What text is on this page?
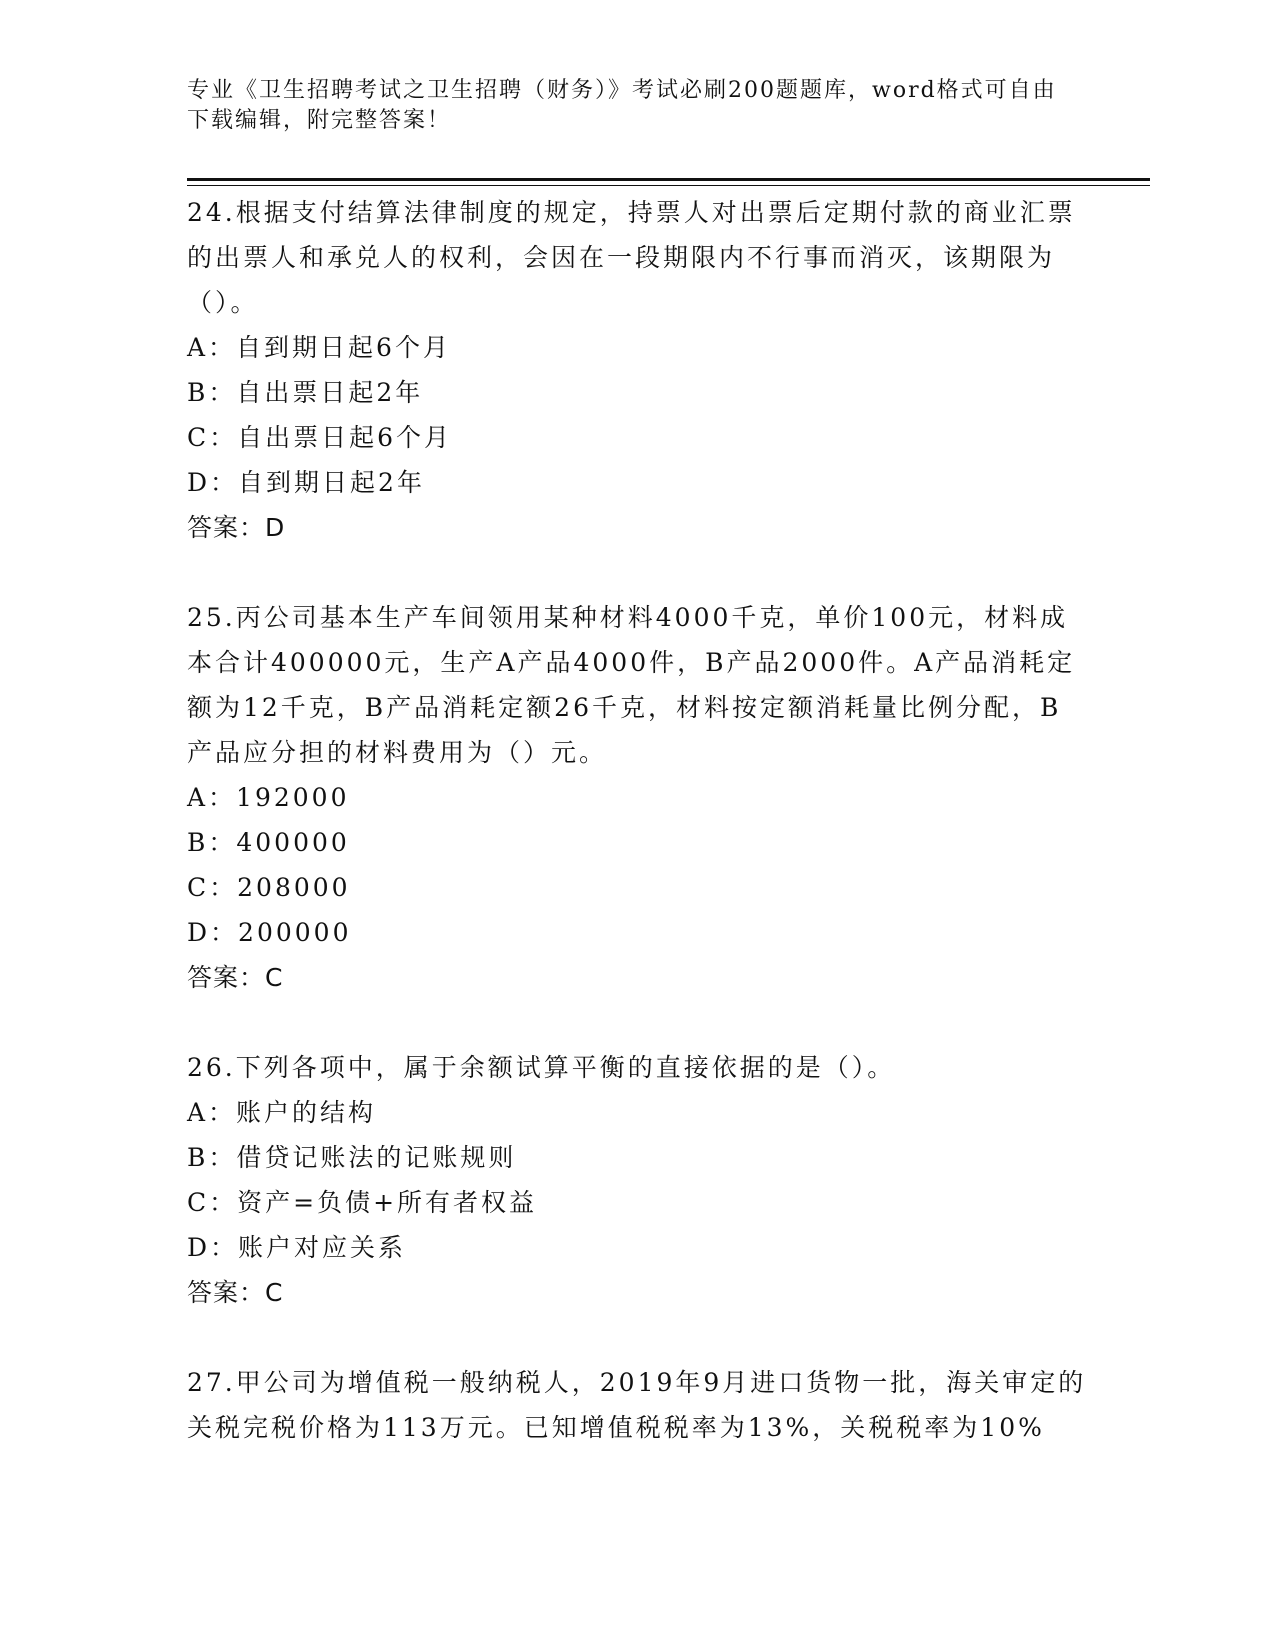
专业《卫生招聘考试之卫生招聘（财务）》考试必刷200题题库，word格式可自由下载编辑，附完整答案！

24.根据支付结算法律制度的规定，持票人对出票后定期付款的商业汇票的出票人和承兑人的权利，会因在一段期限内不行事而消灭，该期限为（）。

A：自到期日起6个月

B：自出票日起2年

C：自出票日起6个月

D：自到期日起2年

答案：D

25.丙公司基本生产车间领用某种材料4000千克，单价100元，材料成本合计400000元，生产A产品4000件，B产品2000件。A产品消耗定额为12千克，B产品消耗定额26千克，材料按定额消耗量比例分配，B产品应分担的材料费用为（）元。

A：192000

B：400000

C：208000

D：200000

答案：C

26.下列各项中，属于余额试算平衡的直接依据的是（）。

A：账户的结构

B：借贷记账法的记账规则

C：资产=负债+所有者权益

D：账户对应关系

答案：C

27.甲公司为增值税一般纳税人，2019年9月进口货物一批，海关审定的关税完税价格为113万元。已知增值税税率为13%，关税税率为10%
